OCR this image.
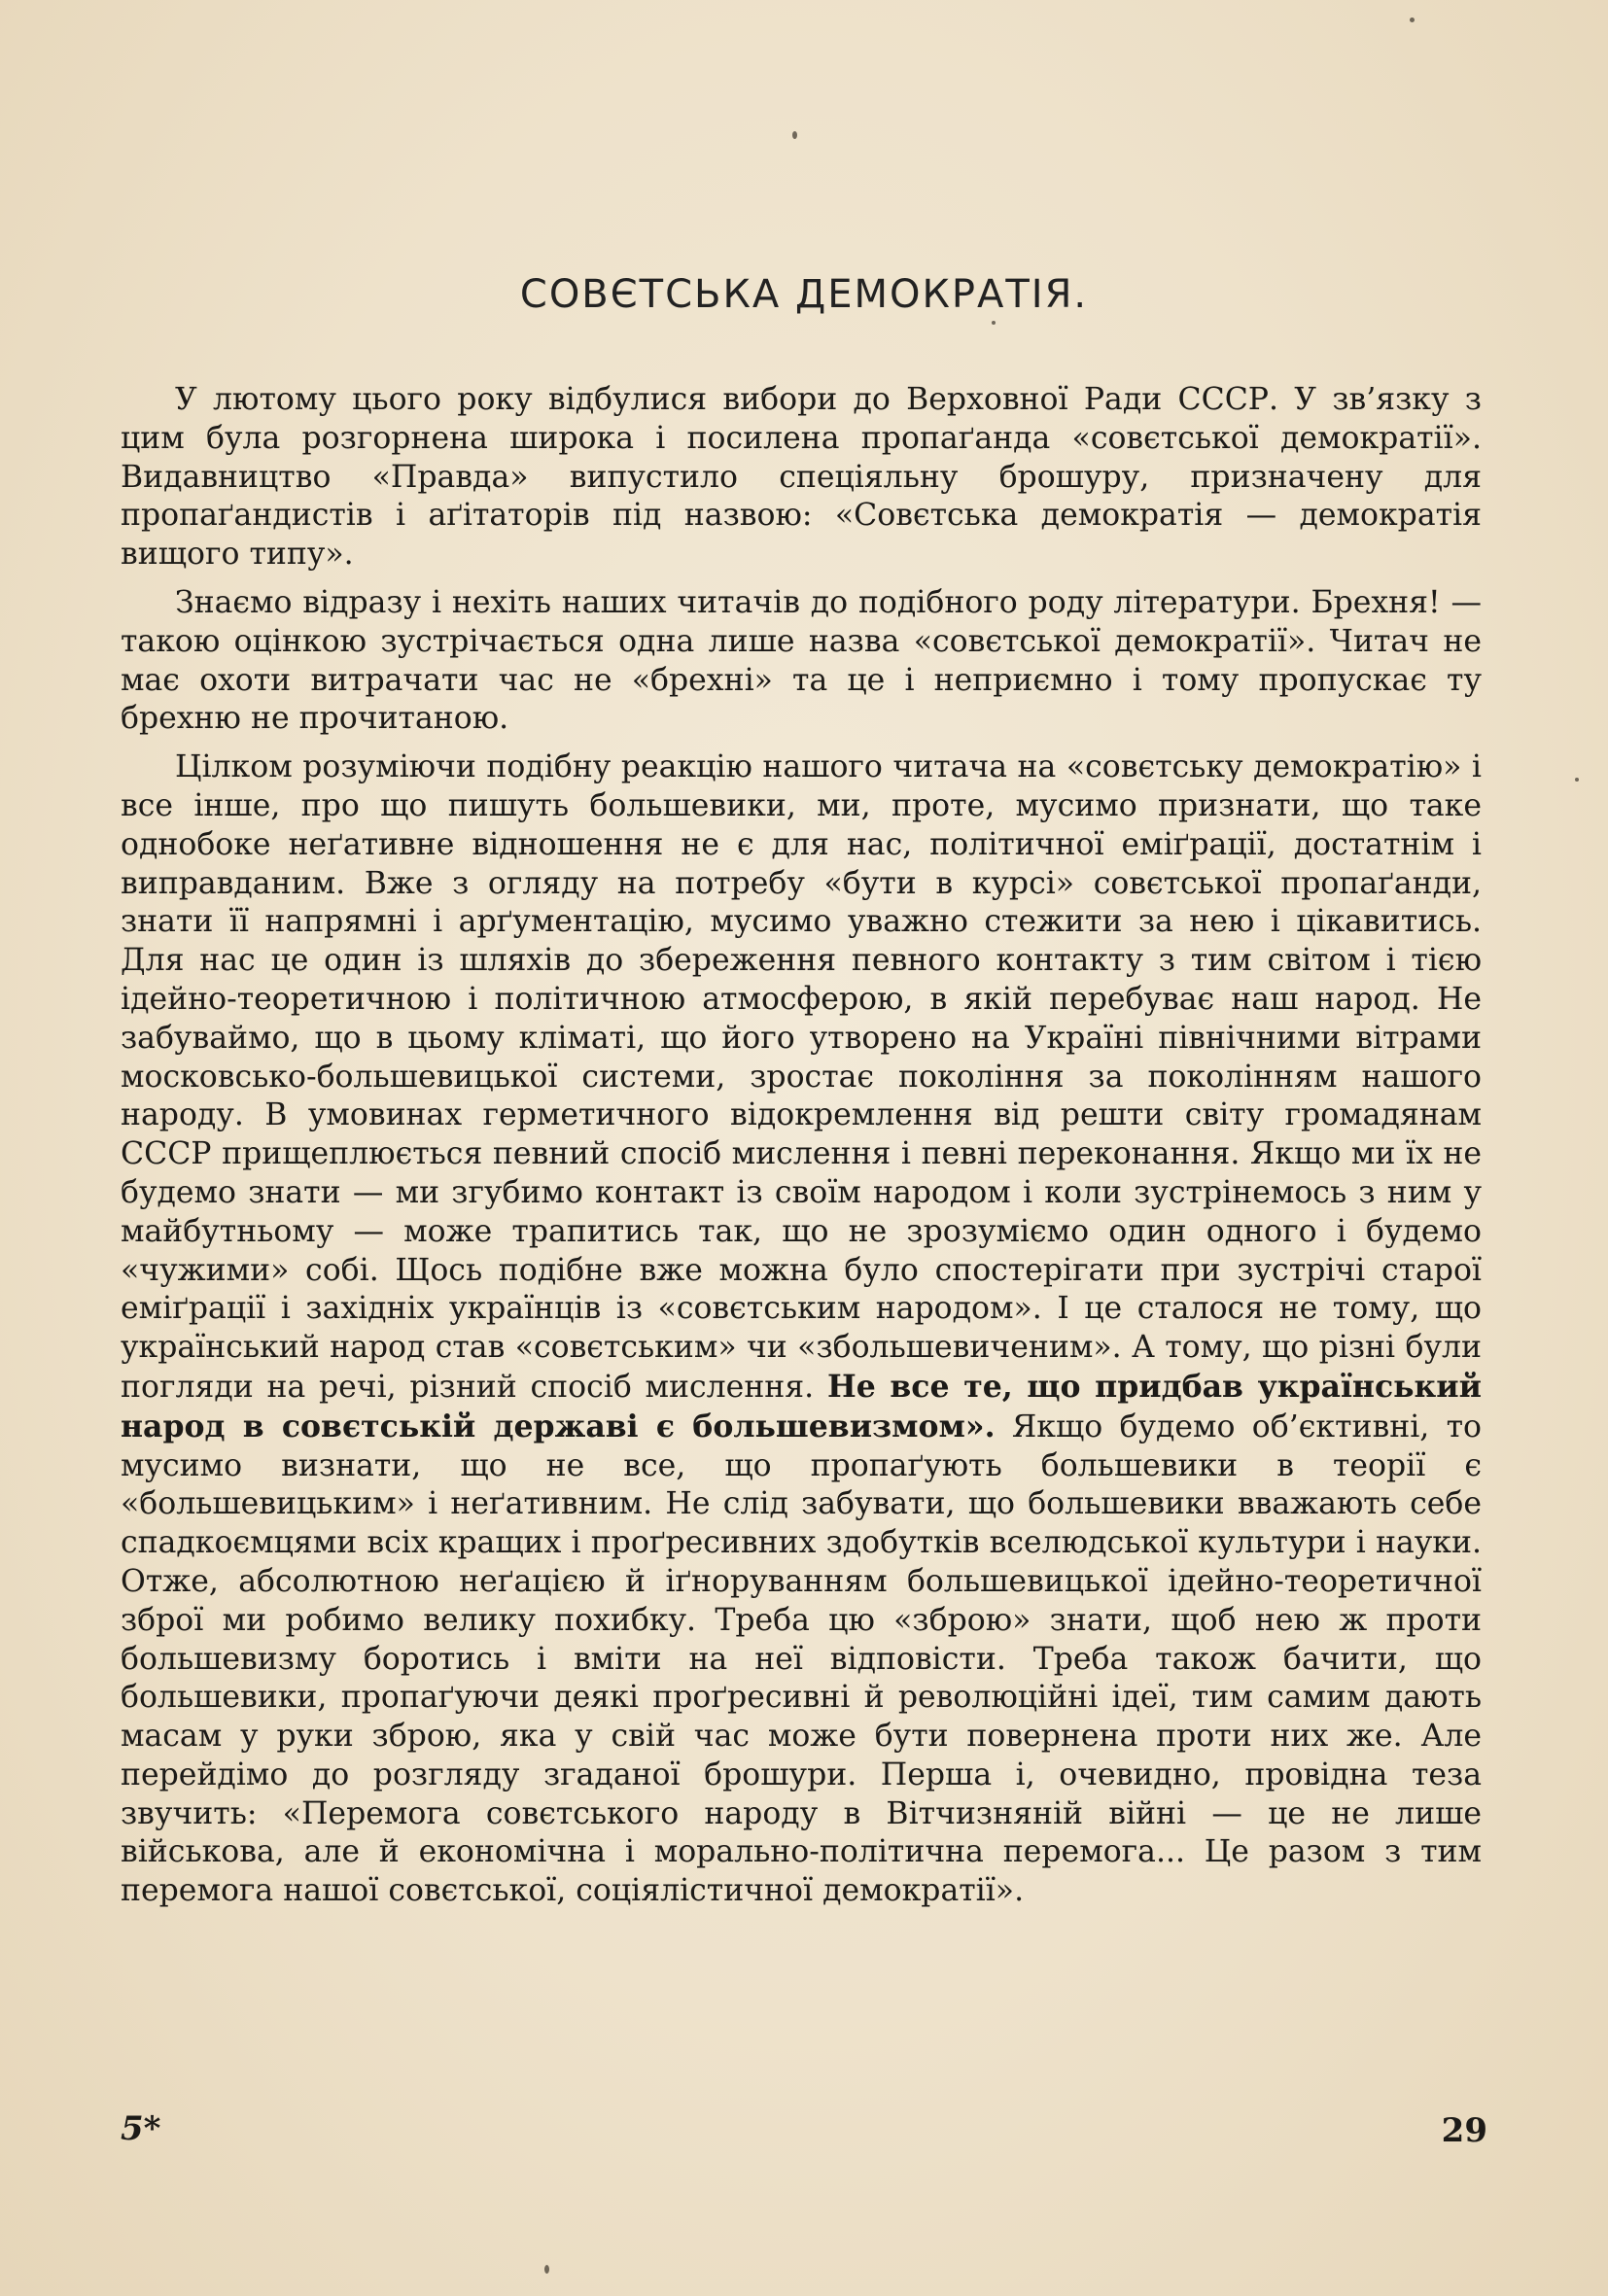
СОВЄТСЬКА ДЕМОКРАТІЯ.

У лютому цього року відбулися вибори до Верховної Ради СССР. У зв’язку з цим була розгорнена широка і посилена пропаґанда «совєтської демократії». Видавництво «Правда» випустило спеціяльну брошуру, призначену для пропаґандистів і аґітаторів під назвою: «Совєтська демократія — демократія вищого типу».

Знаємо відразу і нехіть наших читачів до подібного роду літератури. Брехня! — такою оцінкою зустрічається одна лише назва «совєтської демократії». Читач не має охоти витрачати час не «брехні» та це і неприємно і тому пропускає ту брехню не прочитаною.

Цілком розуміючи подібну реакцію нашого читача на «совєтську демократію» і все інше, про що пишуть большевики, ми, проте, мусимо признати, що таке однобоке неґативне відношення не є для нас, політичної еміґрації, достатнім і виправданим. Вже з огляду на потребу «бути в курсі» совєтської пропаґанди, знати її напрямні і арґументацію, мусимо уважно стежити за нею і цікавитись. Для нас це один із шляхів до збереження певного контакту з тим світом і тією ідейно-теоретичною і політичною атмосферою, в якій перебуває наш народ. Не забуваймо, що в цьому кліматі, що його утворено на Україні північними вітрами московсько-большевицької системи, зростає покоління за поколінням нашого народу. В умовинах герметичного відокремлення від решти світу громадянам СССР прищеплюється певний спосіб мислення і певні переконання. Якщо ми їх не будемо знати — ми згубимо контакт із своїм народом і коли зустрінемось з ним у майбутньому — може трапитись так, що не зрозуміємо один одного і будемо «чужими» собі. Щось подібне вже можна було спостерігати при зустрічі старої еміґрації і західніх українців із «совєтським народом». І це сталося не тому, що український народ став «совєтським» чи «збольшевиченим». А тому, що різні були погляди на речі, різний спосіб мислення. Не все те, що придбав український народ в совєтській державі є большевизмом». Якщо будемо об’єктивні, то мусимо визнати, що не все, що пропаґують большевики в теорії є «большевицьким» і неґативним. Не слід забувати, що большевики вважають себе спадкоємцями всіх кращих і проґресивних здобутків вселюдської культури і науки. Отже, абсолютною неґацією й іґноруванням большевицької ідейно-теоретичної зброї ми робимо велику похибку. Треба цю «зброю» знати, щоб нею ж проти большевизму боротись і вміти на неї відповісти. Треба також бачити, що большевики, пропаґуючи деякі проґресивні й революційні ідеї, тим самим дають масам у руки зброю, яка у свій час може бути повернена проти них же. Але перейдімо до розгляду згаданої брошури. Перша і, очевидно, провідна теза звучить: «Перемога совєтського народу в Вітчизняній війні — це не лише військова, але й економічна і морально-політична перемога... Це разом з тим перемога нашої совєтської, соціялістичної демократії».

5*	29
